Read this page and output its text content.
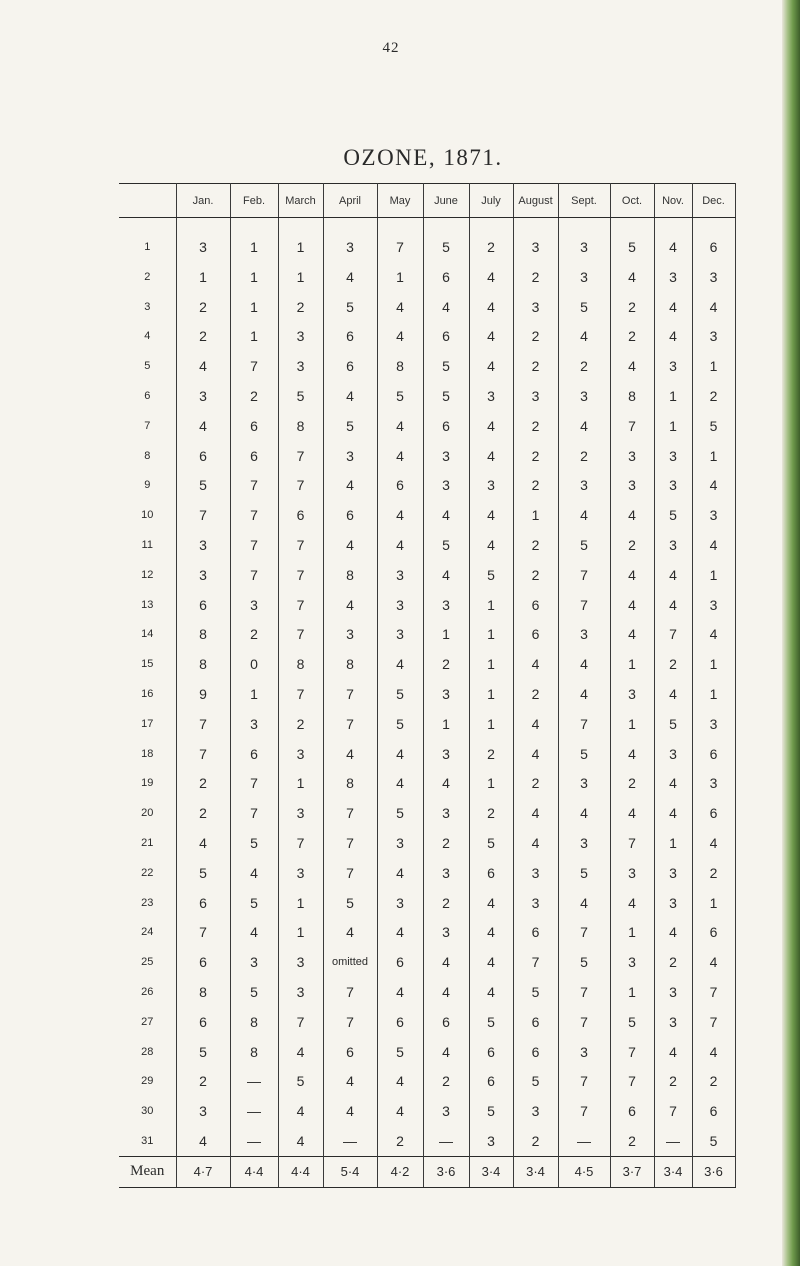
42
OZONE, 1871.
	Jan.	Feb.	March	April	May	June	July	August	Sept.	Oct.	Nov.	Dec.
1	3	1	1	3	7	5	2	3	3	5	4	6
2	1	1	1	4	1	6	4	2	3	4	3	3
3	2	1	2	5	4	4	4	3	5	2	4	4
4	2	1	3	6	4	6	4	2	4	2	4	3
5	4	7	3	6	8	5	4	2	2	4	3	1
6	3	2	5	4	5	5	3	3	3	8	1	2
7	4	6	8	5	4	6	4	2	4	7	1	5
8	6	6	7	3	4	3	4	2	2	3	3	1
9	5	7	7	4	6	3	3	2	3	3	3	4
10	7	7	6	6	4	4	4	1	4	4	5	3
11	3	7	7	4	4	5	4	2	5	2	3	4
12	3	7	7	8	3	4	5	2	7	4	4	1
13	6	3	7	4	3	3	1	6	7	4	4	3
14	8	2	7	3	3	1	1	6	3	4	7	4
15	8	0	8	8	4	2	1	4	4	1	2	1
16	9	1	7	7	5	3	1	2	4	3	4	1
17	7	3	2	7	5	1	1	4	7	1	5	3
18	7	6	3	4	4	3	2	4	5	4	3	6
19	2	7	1	8	4	4	1	2	3	2	4	3
20	2	7	3	7	5	3	2	4	4	4	4	6
21	4	5	7	7	3	2	5	4	3	7	1	4
22	5	4	3	7	4	3	6	3	5	3	3	2
23	6	5	1	5	3	2	4	3	4	4	3	1
24	7	4	1	4	4	3	4	6	7	1	4	6
25	6	3	3	omitted	6	4	4	7	5	3	2	4
26	8	5	3	7	4	4	4	5	7	1	3	7
27	6	8	7	7	6	6	5	6	7	5	3	7
28	5	8	4	6	5	4	6	6	3	7	4	4
29	2	—	5	4	4	2	6	5	7	7	2	2
30	3	—	4	4	4	3	5	3	7	6	7	6
31	4	—	4	—	2	—	3	2	—	2	—	5
Mean	4·7	4·4	4·4	5·4	4·2	3·6	3·4	3·4	4·5	3·7	3·4	3·6
